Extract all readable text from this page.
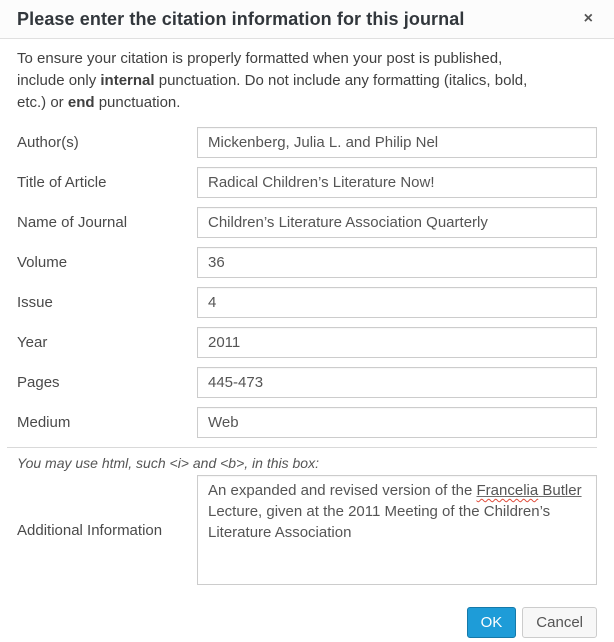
Please enter the citation information for this journal	×

To ensure your citation is properly formatted when your post is published, include only internal punctuation. Do not include any formatting (italics, bold, etc.) or end punctuation.

Author(s)
Mickenberg, Julia L. and Philip Nel
Title of Article
Radical Children’s Literature Now!
Name of Journal
Children’s Literature Association Quarterly
Volume
36
Issue
4
Year
2011
Pages
445-473
Medium
Web

You may use html, such <i> and <b>, in this box:

Additional Information
An expanded and revised version of the Francelia Butler Lecture, given at the 2011 Meeting of the Children’s Literature Association
OK	Cancel
